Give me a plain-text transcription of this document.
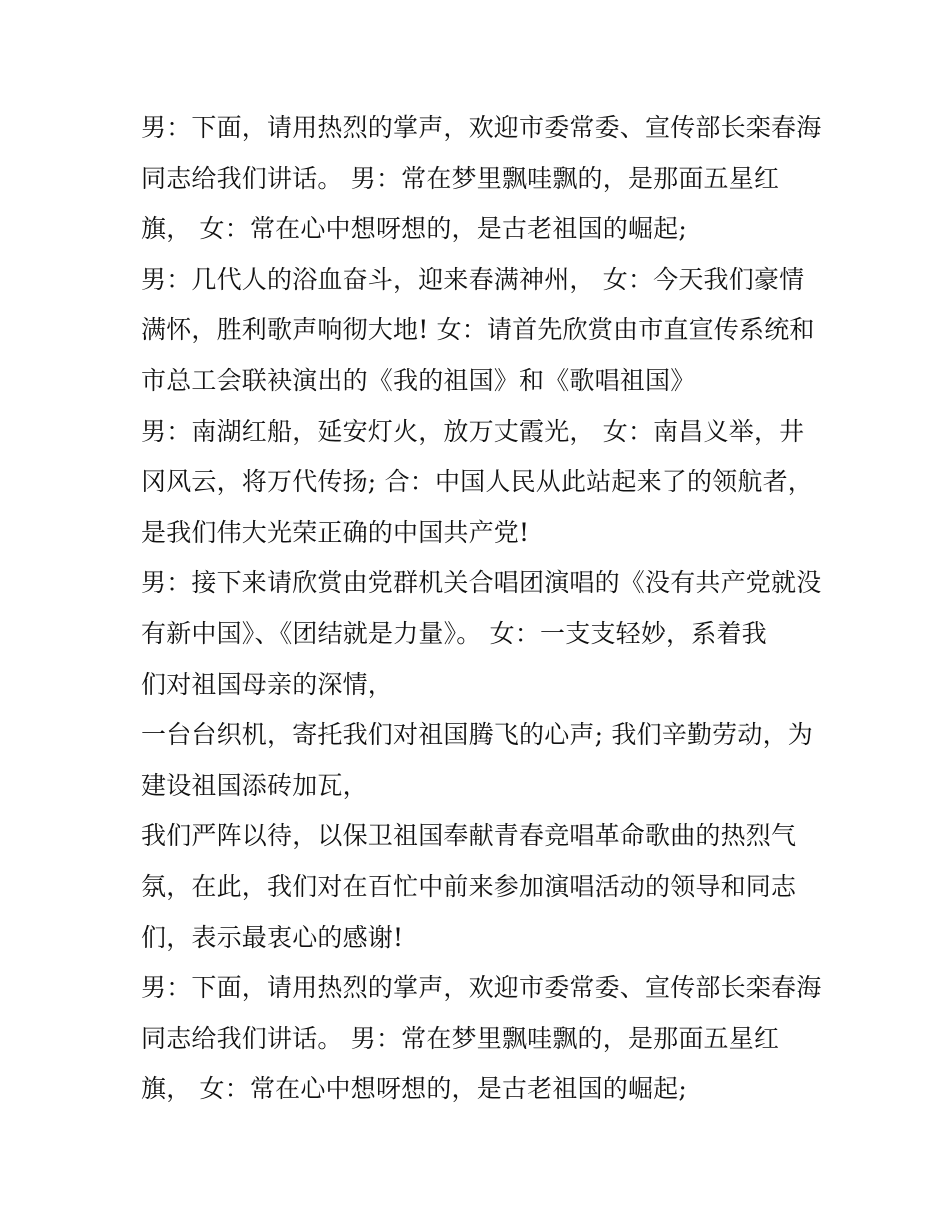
男：下面，请用热烈的掌声，欢迎市委常委、宣传部长栾春海
同志给我们讲话。 男：常在梦里飘哇飘的，是那面五星红
旗， 女：常在心中想呀想的，是古老祖国的崛起;
男：几代人的浴血奋斗，迎来春满神州， 女：今天我们豪情
满怀，胜利歌声响彻大地! 女：请首先欣赏由市直宣传系统和
市总工会联袂演出的《我的祖国》和《歌唱祖国》
男：南湖红船，延安灯火，放万丈霞光， 女：南昌义举，井
冈风云，将万代传扬; 合：中国人民从此站起来了的领航者，
是我们伟大光荣正确的中国共产党!
男：接下来请欣赏由党群机关合唱团演唱的《没有共产党就没
有新中国》、《团结就是力量》。 女：一支支轻妙，系着我
们对祖国母亲的深情，
一台台织机，寄托我们对祖国腾飞的心声; 我们辛勤劳动，为
建设祖国添砖加瓦，
我们严阵以待，以保卫祖国奉献青春竞唱革命歌曲的热烈气
氛，在此，我们对在百忙中前来参加演唱活动的领导和同志
们，表示最衷心的感谢!
男：下面，请用热烈的掌声，欢迎市委常委、宣传部长栾春海
同志给我们讲话。 男：常在梦里飘哇飘的，是那面五星红
旗， 女：常在心中想呀想的，是古老祖国的崛起;
